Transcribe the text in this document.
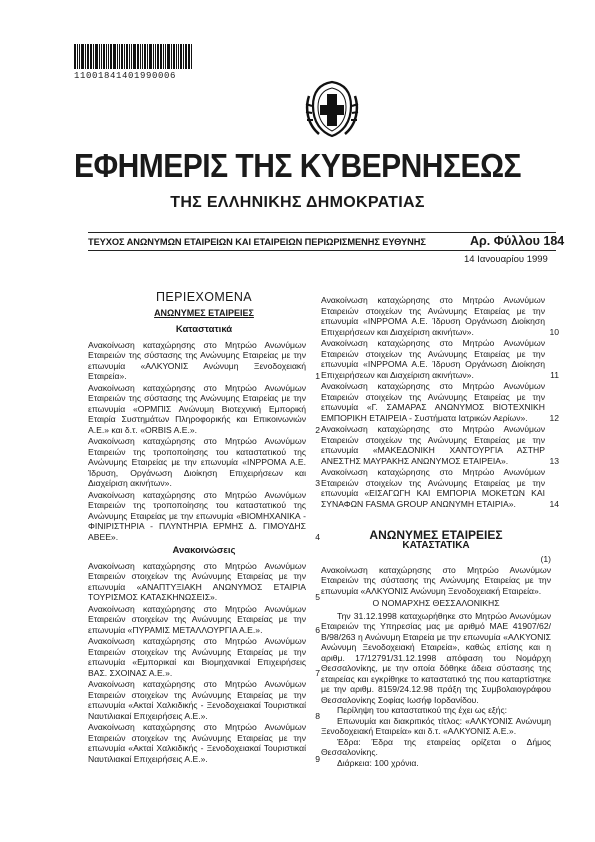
11001841401990006
ΕΦΗΜΕΡΙΣ ΤΗΣ ΚΥΒΕΡΝΗΣΕΩΣ
ΤΗΣ ΕΛΛΗΝΙΚΗΣ ΔΗΜΟΚΡΑΤΙΑΣ
ΤΕΥΧΟΣ ΑΝΩΝΥΜΩΝ ΕΤΑΙΡΕΙΩΝ ΚΑΙ ΕΤΑΙΡΕΙΩΝ ΠΕΡΙΩΡΙΣΜΕΝΗΣ ΕΥΘΥΝΗΣ	Αρ. Φύλλου 184
14 Ιανουαρίου 1999
ΠΕΡΙΕΧΟΜΕΝΑ
ΑΝΩΝΥΜΕΣ ΕΤΑΙΡΕΙΕΣ
Καταστατικά
Ανακοίνωση καταχώρησης στο Μητρώο Ανωνύμων Εταιρειών της σύστασης της Ανώνυμης Εταιρείας με την επωνυμία «ΑΛΚΥΟΝΙΣ Ανώνυμη Ξενοδοχειακή Εταιρεία».	1
Ανακοίνωση καταχώρησης στο Μητρώο Ανωνύμων Εταιρειών της σύστασης της Ανώνυμης Εταιρείας με την επωνυμία «ΟΡΜΠΙΣ Ανώνυμη Βιοτεχνική Εμπορική Εταιρία Συστημάτων Πληροφορικής και Επικοινωνιών Α.Ε.» και δ.τ. «ORBIS A.E.».	2
Ανακοίνωση καταχώρησης στο Μητρώο Ανωνύμων Εταιρειών της τροποποίησης του καταστατικού της Ανώνυμης Εταιρείας με την επωνυμία «ΙΝΡΡΟΜΑ Α.Ε. Ίδρυση, Οργάνωση Διοίκηση Επιχειρήσεων και Διαχείριση ακινήτων».	3
Ανακοίνωση καταχώρησης στο Μητρώο Ανωνύμων Εταιρειών της τροποποίησης του καταστατικού της Ανώνυμης Εταιρείας με την επωνυμία «ΒΙΟΜΗΧΑΝΙΚΑ - ΦΙΝΙΡΙΣΤΗΡΙΑ - ΠΛΥΝΤΗΡΙΑ ΕΡΜΗΣ Δ. ΓΙΜΟΥΔΗΣ ΑΒΕΕ».	4
Ανακοινώσεις
Ανακοίνωση καταχώρησης στο Μητρώο Ανωνύμων Εταιρειών στοιχείων της Ανώνυμης Εταιρείας με την επωνυμία «ΑΝΑΠΤΥΞΙΑΚΗ ΑΝΩΝΥΜΟΣ ΕΤΑΙΡΙΑ ΤΟΥΡΙΣΜΟΣ ΚΑΤΑΣΚΗΝΩΣΕΙΣ».	5
Ανακοίνωση καταχώρησης στο Μητρώο Ανωνύμων Εταιρειών στοιχείων της Ανώνυμης Εταιρείας με την επωνυμία «ΠΥΡΑΜΙΣ ΜΕΤΑΛΛΟΥΡΓΙΑ Α.Ε.».	6
Ανακοίνωση καταχώρησης στο Μητρώο Ανωνύμων Εταιρειών στοιχείων της Ανώνυμης Εταιρείας με την επωνυμία «Εμπορικαί και Βιομηχανικαί Επιχειρήσεις ΒΑΣ. ΣΧΟΙΝΑΣ Α.Ε.».	7
Ανακοίνωση καταχώρησης στο Μητρώο Ανωνύμων Εταιρειών στοιχείων της Ανώνυμης Εταιρείας με την επωνυμία «Ακταί Χαλκιδικής - Ξενοδοχειακαί Τουριστικαί Ναυτιλιακαί Επιχειρήσεις Α.Ε.».	8
Ανακοίνωση καταχώρησης στο Μητρώο Ανωνύμων Εταιρειών στοιχείων της Ανώνυμης Εταιρείας με την επωνυμία «Ακταί Χαλκιδικής - Ξενοδοχειακαί Τουριστικαί Ναυτιλιακαί Επιχειρήσεις Α.Ε.».	9
Ανακοίνωση καταχώρησης στο Μητρώο Ανωνύμων Εταιρειών στοιχείων της Ανώνυμης Εταιρείας με την επωνυμία «ΙΝΡΡΟΜΑ Α.Ε. Ίδρυση Οργάνωση Διοίκηση Επιχειρήσεων και Διαχείριση ακινήτων».	10
Ανακοίνωση καταχώρησης στο Μητρώο Ανωνύμων Εταιρειών στοιχείων της Ανώνυμης Εταιρείας με την επωνυμία «ΙΝΡΡΟΜΑ Α.Ε. Ίδρυση Οργάνωση Διοίκηση Επιχειρήσεων και Διαχείριση ακινήτων».	11
Ανακοίνωση καταχώρησης στο Μητρώο Ανωνύμων Εταιρειών στοιχείων της Ανώνυμης Εταιρείας με την επωνυμία «Γ. ΣΑΜΑΡΑΣ ΑΝΩΝΥΜΟΣ ΒΙΟΤΕΧΝΙΚΗ ΕΜΠΟΡΙΚΗ ΕΤΑΙΡΕΙΑ - Συστήματα Ιατρικών Αερίων».	12
Ανακοίνωση καταχώρησης στο Μητρώο Ανωνύμων Εταιρειών στοιχείων της Ανώνυμης Εταιρείας με την επωνυμία «ΜΑΚΕΔΟΝΙΚΗ ΧΑΝΤΟΥΡΓΙΑ ΑΣΤΗΡ ΑΝΕΣΤΗΣ ΜΑΥΡΑΚΗΣ ΑΝΩΝΥΜΟΣ ΕΤΑΙΡΕΙΑ».	13
Ανακοίνωση καταχώρησης στο Μητρώο Ανωνύμων Εταιρειών στοιχείων της Ανώνυμης Εταιρείας με την επωνυμία «ΕΙΣΑΓΩΓΗ ΚΑΙ ΕΜΠΟΡΙΑ ΜΟΚΕΤΩΝ ΚΑΙ ΣΥΝΑΦΩΝ FASMA GROUP ΑΝΩΝΥΜΗ ΕΤΑΙΡΙΑ».	14

ΑΝΩΝΥΜΕΣ ΕΤΑΙΡΕΙΕΣ

ΚΑΤΑΣΤΑΤΙΚΑ

(1)

Ανακοίνωση καταχώρησης στο Μητρώο Ανωνύμων Εταιρειών της σύστασης της Ανώνυμης Εταιρείας με την επωνυμία «ΑΛΚΥΟΝΙΣ Ανώνυμη Ξενοδοχειακή Εταιρεία».

Ο ΝΟΜΑΡΧΗΣ ΘΕΣΣΑΛΟΝΙΚΗΣ

Την 31.12.1998 καταχωρήθηκε στο Μητρώο Ανωνύμων Εταιρειών της Υπηρεσίας μας με αριθμό ΜΑΕ 41907/62/Β/98/263 η Ανώνυμη Εταιρεία με την επωνυμία «ΑΛΚΥΟΝΙΣ Ανώνυμη Ξενοδοχειακή Εταιρεία», καθώς επίσης και η αριθμ. 17/12791/31.12.1998 απόφαση του Νομάρχη Θεσσαλονίκης, με την οποία δόθηκε άδεια σύστασης της εταιρείας και εγκρίθηκε το καταστατικό της που καταρτίστηκε με την αριθμ. 8159/24.12.98 πράξη της Συμβολαιογράφου Θεσσαλονίκης Σοφίας Ιωσήφ Ιορδανίδου.

Περίληψη του καταστατικού της έχει ως εξής:

Επωνυμία και διακριτικός τίτλος: «ΑΛΚΥΟΝΙΣ Ανώνυμη Ξενοδοχειακή Εταιρεία» και δ.τ. «ΑΛΚΥΟΝΙΣ Α.Ε.».

Έδρα: Έδρα της εταιρείας ορίζεται ο Δήμος Θεσσαλονίκης.

Διάρκεια: 100 χρόνια.
